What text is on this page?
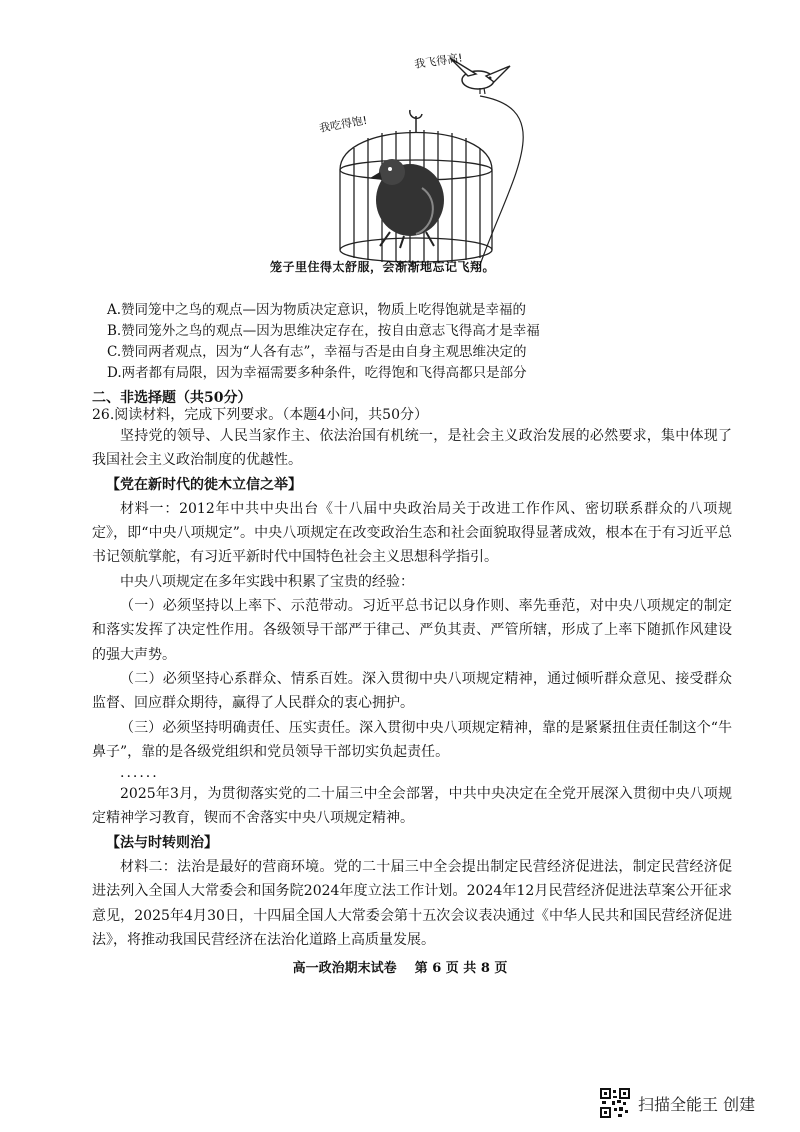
我飞得高!
我吃得饱!
笼子里住得太舒服，会渐渐地忘记飞翔。
A.赞同笼中之鸟的观点—因为物质决定意识，物质上吃得饱就是幸福的
B.赞同笼外之鸟的观点—因为思维决定存在，按自由意志飞得高才是幸福
C.赞同两者观点，因为“人各有志”，幸福与否是由自身主观思维决定的
D.两者都有局限，因为幸福需要多种条件，吃得饱和飞得高都只是部分
二、非选择题（共50分）
26.阅读材料，完成下列要求。（本题4小问，共50分）

坚持党的领导、人民当家作主、依法治国有机统一，是社会主义政治发展的必然要求，集中体现了我国社会主义政治制度的优越性。

【党在新时代的徙木立信之举】

材料一：2012年中共中央出台《十八届中央政治局关于改进工作作风、密切联系群众的八项规定》，即“中央八项规定”。中央八项规定在改变政治生态和社会面貌取得显著成效，根本在于有习近平总书记领航掌舵，有习近平新时代中国特色社会主义思想科学指引。

中央八项规定在多年实践中积累了宝贵的经验：

（一）必须坚持以上率下、示范带动。习近平总书记以身作则、率先垂范，对中央八项规定的制定和落实发挥了决定性作用。各级领导干部严于律己、严负其责、严管所辖，形成了上率下随抓作风建设的强大声势。

（二）必须坚持心系群众、情系百姓。深入贯彻中央八项规定精神，通过倾听群众意见、接受群众监督、回应群众期待，赢得了人民群众的衷心拥护。

（三）必须坚持明确责任、压实责任。深入贯彻中央八项规定精神，靠的是紧紧扭住责任制这个“牛鼻子”，靠的是各级党组织和党员领导干部切实负起责任。

......

2025年3月，为贯彻落实党的二十届三中全会部署，中共中央决定在全党开展深入贯彻中央八项规定精神学习教育，锲而不舍落实中央八项规定精神。

【法与时转则治】

材料二：法治是最好的营商环境。党的二十届三中全会提出制定民营经济促进法，制定民营经济促进法列入全国人大常委会和国务院2024年度立法工作计划。2024年12月民营经济促进法草案公开征求意见，2025年4月30日，十四届全国人大常委会第十五次会议表决通过《中华人民共和国民营经济促进法》，将推动我国民营经济在法治化道路上高质量发展。

高一政治期末试卷    第 6 页 共 8 页
扫描全能王 创建
